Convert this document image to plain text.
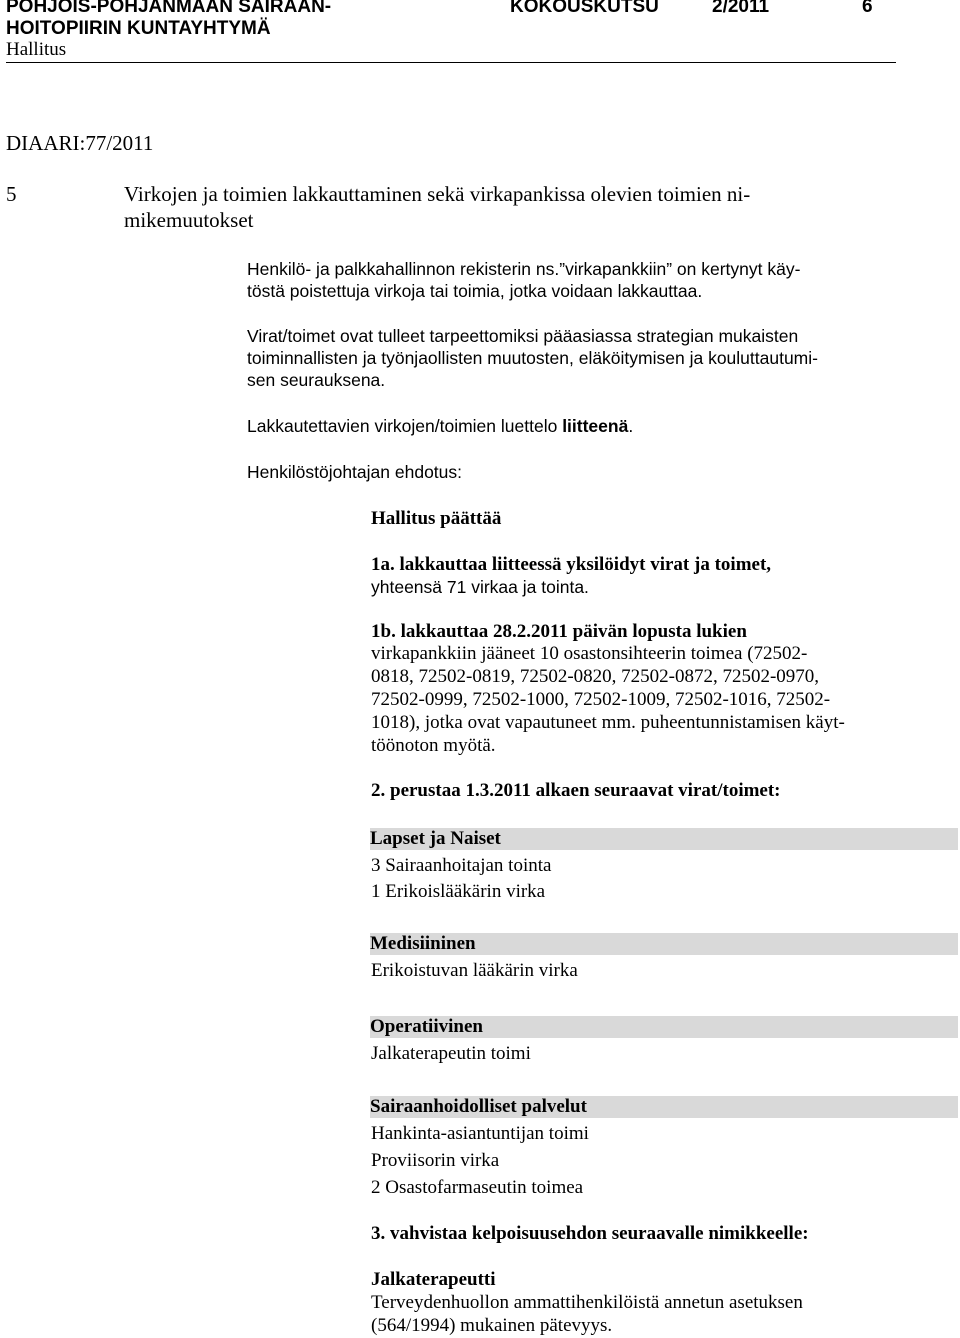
POHJOIS-POHJANMAAN SAIRAAN-
HOITOPIIRIN KUNTAYHTYMÄ
KOKOUSKUTSU	2/2011	6
Hallitus
DIAARI:77/2011
5	Virkojen ja toimien lakkauttaminen sekä virkapankissa olevien toimien ni-
mikemuutokset
Henkilö- ja palkkahallinnon rekisterin ns.”virkapankkiin” on kertynyt käy-
töstä poistettuja virkoja tai toimia, jotka voidaan lakkauttaa.
Virat/toimet ovat tulleet tarpeettomiksi pääasiassa strategian mukaisten
toiminnallisten ja työnjaollisten muutosten, eläköitymisen ja kouluttautumi-
sen seurauksena.
Lakkautettavien virkojen/toimien luettelo liitteenä.
Henkilöstöjohtajan ehdotus:
Hallitus päättää
1a. lakkauttaa liitteessä yksilöidyt virat ja toimet,
yhteensä 71 virkaa ja tointa.
1b. lakkauttaa 28.2.2011 päivän lopusta lukien
virkapankkiin jääneet 10 osastonsihteerin toimea (72502-
0818, 72502-0819, 72502-0820, 72502-0872, 72502-0970,
72502-0999, 72502-1000, 72502-1009, 72502-1016, 72502-
1018), jotka ovat vapautuneet mm. puheentunnistamisen käyt-
töönoton myötä.
2. perustaa 1.3.2011 alkaen seuraavat virat/toimet:
Lapset ja Naiset
3 Sairaanhoitajan tointa
1 Erikoislääkärin virka
Medisiininen
Erikoistuvan lääkärin virka
Operatiivinen
Jalkaterapeutin toimi
Sairaanhoidolliset palvelut
Hankinta-asiantuntijan toimi
Proviisorin virka
2 Osastofarmaseutin toimea
3. vahvistaa kelpoisuusehdon seuraavalle nimikkeelle:
Jalkaterapeutti
Terveydenhuollon ammattihenkilöistä annetun asetuksen
(564/1994) mukainen pätevyys.
